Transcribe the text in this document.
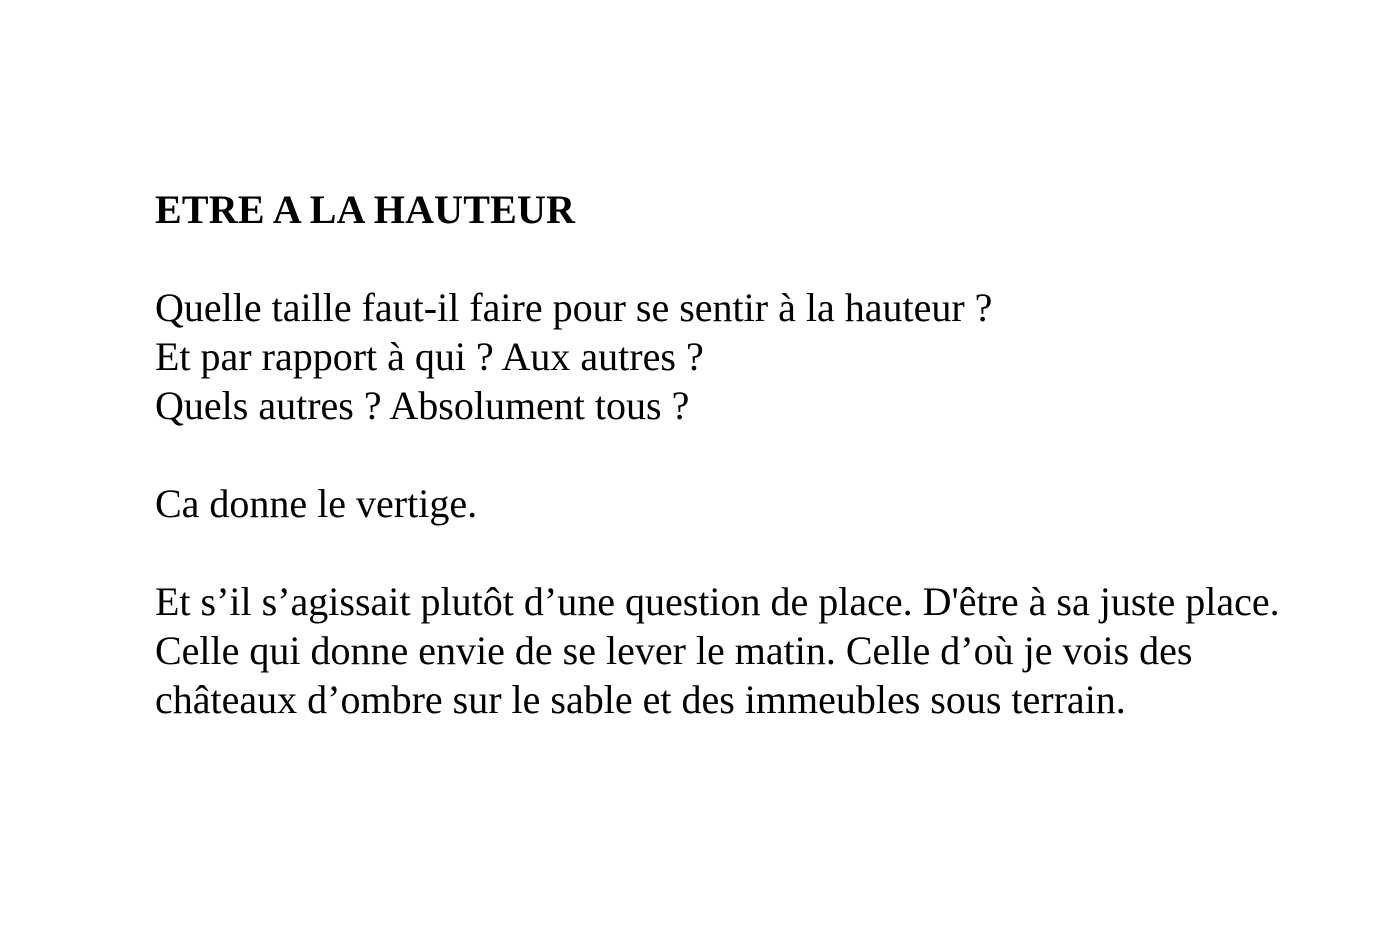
ETRE A LA HAUTEUR
Quelle taille faut-il faire pour se sentir à la hauteur ?
Et par rapport à qui ? Aux autres ?
Quels autres ? Absolument tous ?
Ca donne le vertige.
Et s’il s’agissait plutôt d’une question de place. D'être à sa juste place.
Celle qui donne envie de se lever le matin. Celle d’où je vois des
châteaux d’ombre sur le sable et des immeubles sous terrain.
